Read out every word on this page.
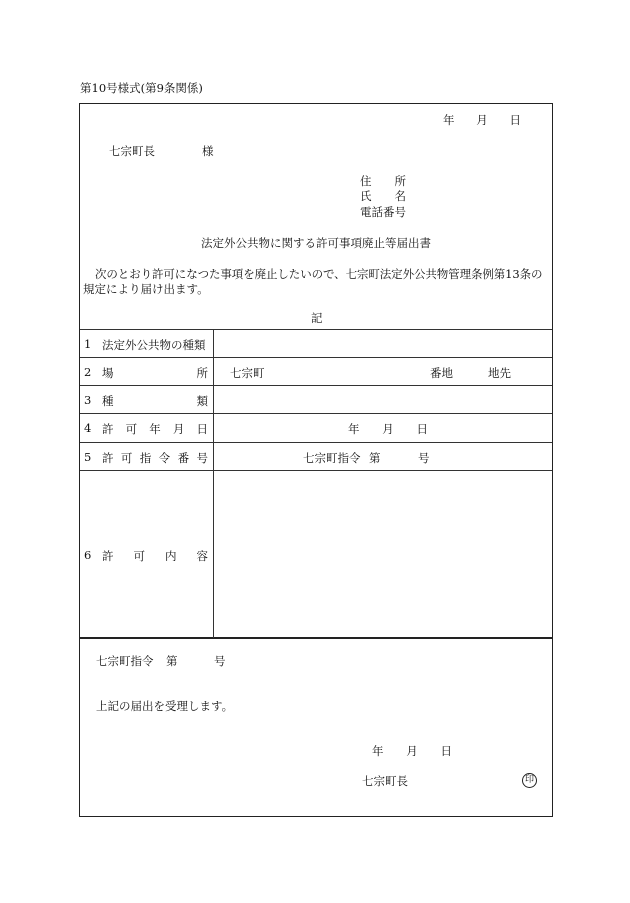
第10号様式(第9条関係)
年 月 日
七宗町長	様
住 所
氏 名
電話番号
法定外公共物に関する許可事項廃止等届出書
次のとおり許可になつた事項を廃止したいので、七宗町法定外公共物管理条例第13条の
規定により届け出ます。
記
1 法定外公共物の種類
2 場	所 七宗町	番地	地先
3 種	類
4 許 可 年 月 日	年 月 日
5 許 可 指 令 番 号	七宗町指令 第	号
6 許 可 内 容
七宗町指令 第	号
上記の届出を受理します。
年 月 日
七宗町長	印
